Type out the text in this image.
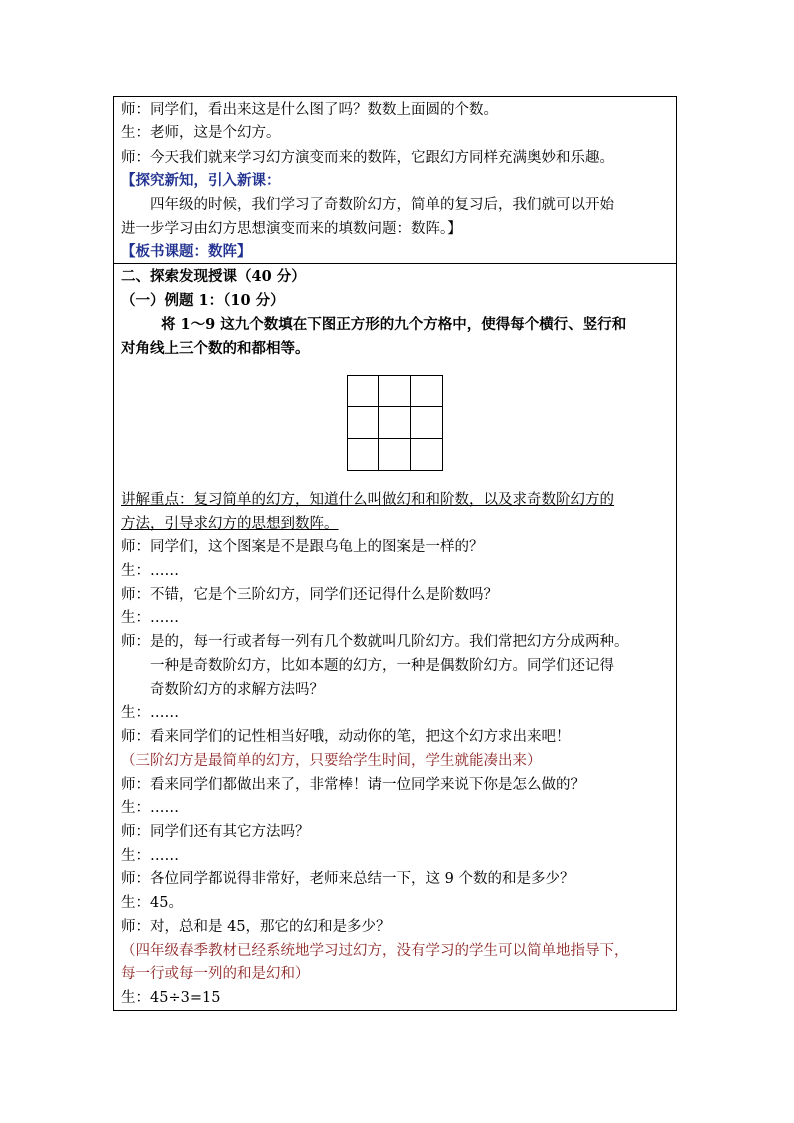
师：同学们，看出来这是什么图了吗？数数上面圆的个数。
生：老师，这是个幻方。
师：今天我们就来学习幻方演变而来的数阵，它跟幻方同样充满奥妙和乐趣。
【探究新知，引入新课：
四年级的时候，我们学习了奇数阶幻方，简单的复习后，我们就可以开始
进一步学习由幻方思想演变而来的填数问题：数阵。】
【板书课题：数阵】
二、探索发现授课（40 分）
（一）例题 1：（10 分）
将 1～9 这九个数填在下图正方形的九个方格中，使得每个横行、竖行和
对角线上三个数的和都相等。
讲解重点：复习简单的幻方，知道什么叫做幻和和阶数，以及求奇数阶幻方的
方法，引导求幻方的思想到数阵。
师：同学们，这个图案是不是跟乌龟上的图案是一样的？
生：……
师：不错，它是个三阶幻方，同学们还记得什么是阶数吗？
生：……
师：是的，每一行或者每一列有几个数就叫几阶幻方。我们常把幻方分成两种。
一种是奇数阶幻方，比如本题的幻方，一种是偶数阶幻方。同学们还记得
奇数阶幻方的求解方法吗？
生：……
师：看来同学们的记性相当好哦，动动你的笔，把这个幻方求出来吧！
（三阶幻方是最简单的幻方，只要给学生时间，学生就能凑出来）
师：看来同学们都做出来了，非常棒！请一位同学来说下你是怎么做的？
生：……
师：同学们还有其它方法吗？
生：……
师：各位同学都说得非常好，老师来总结一下，这 9 个数的和是多少？
生：45。
师：对，总和是 45，那它的幻和是多少？
（四年级春季教材已经系统地学习过幻方，没有学习的学生可以简单地指导下，
每一行或每一列的和是幻和）
生：45÷3=15
